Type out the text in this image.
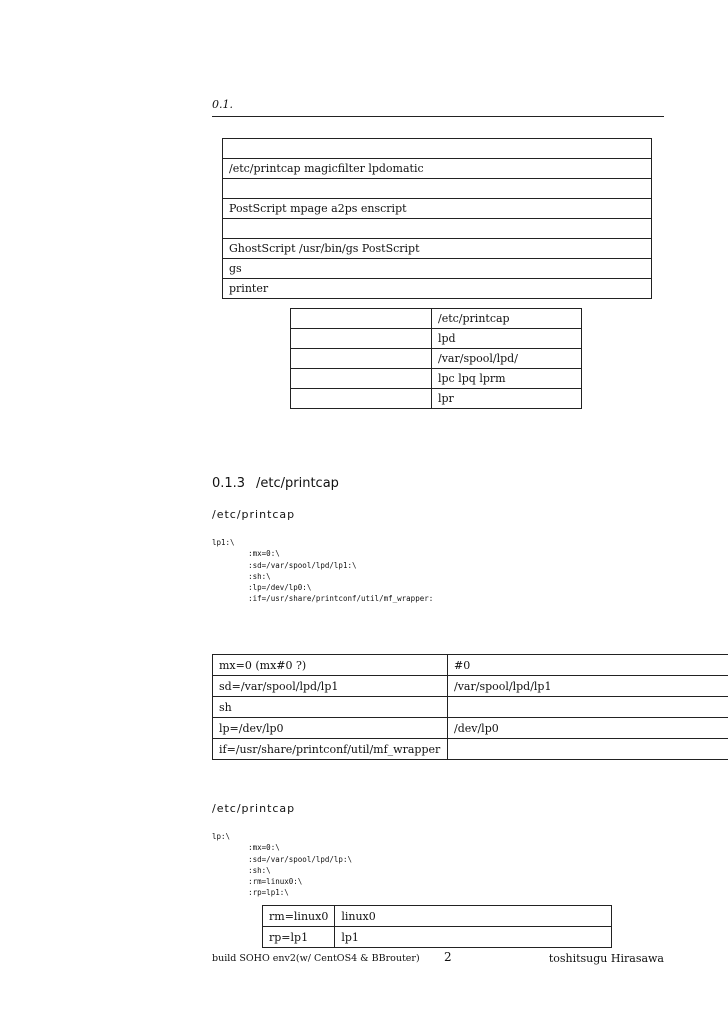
0.1.

/etc/printcap magicfilter lpdomatic

PostScript mpage a2ps enscript

GhostScript /usr/bin/gs PostScript
gs
printer
	/etc/printcap
	lpd
	/var/spool/lpd/
	lpc lpq lprm
	lpr
0.1.3 /etc/printcap
/etc/printcap
lp1:\
:mx=0:\
:sd=/var/spool/lpd/lp1:\
:sh:\
:lp=/dev/lp0:\
:if=/usr/share/printconf/util/mf_wrapper:
mx=0 (mx#0 ?)	#0
sd=/var/spool/lpd/lp1	/var/spool/lpd/lp1
sh	
lp=/dev/lp0	/dev/lp0
if=/usr/share/printconf/util/mf_wrapper	
/etc/printcap
lp:\
:mx=0:\
:sd=/var/spool/lpd/lp:\
:sh:\
:rm=linux0:\
:rp=lp1:\
rm=linux0	linux0
rp=lp1	lp1
build SOHO env2(w/ CentOS4 & BBrouter) 2	toshitsugu Hirasawa
